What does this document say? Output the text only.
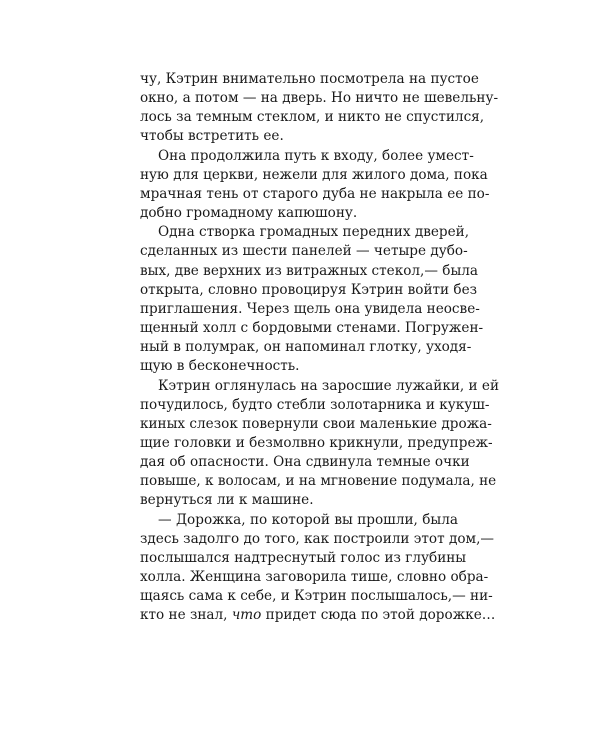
чу, Кэтрин внимательно посмотрела на пустое
окно, а потом — на дверь. Но ничто не шевельну-
лось за темным стеклом, и никто не спустился,
чтобы встретить ее.

Она продолжила путь к входу, более умест-
ную для церкви, нежели для жилого дома, пока
мрачная тень от старого дуба не накрыла ее по-
добно громадному капюшону.

Одна створка громадных передних дверей,
сделанных из шести панелей — четыре дубо-
вых, две верхних из витражных стекол,— была
открыта, словно провоцируя Кэтрин войти без
приглашения. Через щель она увидела неосве-
щенный холл с бордовыми стенами. Погружен-
ный в полумрак, он напоминал глотку, уходя-
щую в бесконечность.

Кэтрин оглянулась на заросшие лужайки, и ей
почудилось, будто стебли золотарника и кукуш-
киных слезок повернули свои маленькие дрожа-
щие головки и безмолвно крикнули, предупреж-
дая об опасности. Она сдвинула темные очки
повыше, к волосам, и на мгновение подумала, не
вернуться ли к машине.

— Дорожка, по которой вы прошли, была
здесь задолго до того, как построили этот дом,—
послышался надтреснутый голос из глубины
холла. Женщина заговорила тише, словно обра-
щаясь сама к себе, и Кэтрин послышалось,— ни-
кто не знал, что придет сюда по этой дорожке…
